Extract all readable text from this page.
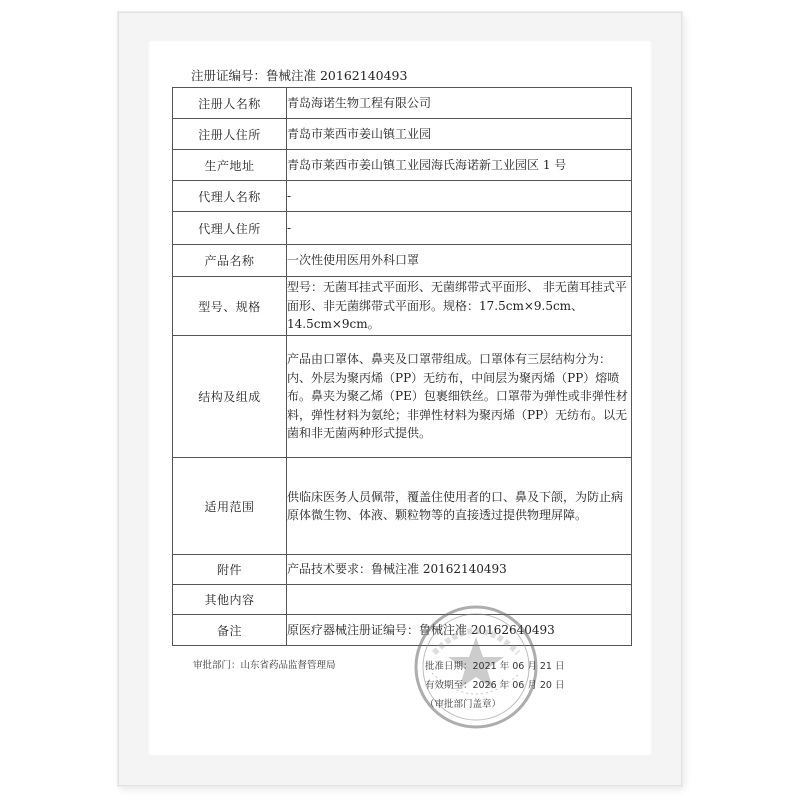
注册证编号：鲁械注准 20162140493
注册人名称	青岛海诺生物工程有限公司
注册人住所	青岛市莱西市姜山镇工业园
生产地址	青岛市莱西市姜山镇工业园海氏海诺新工业园区 1 号
代理人名称	-
代理人住所	-
产品名称	一次性使用医用外科口罩
型号、规格	型号：无菌耳挂式平面形、无菌绑带式平面形、 非无菌耳挂式平面形、非无菌绑带式平面形。规格：17.5cm×9.5cm、14.5cm×9cm。
结构及组成	产品由口罩体、鼻夹及口罩带组成。口罩体有三层结构分为：内、外层为聚丙烯（PP）无纺布，中间层为聚丙烯（PP）熔喷布。鼻夹为聚乙烯（PE）包裹细铁丝。口罩带为弹性或非弹性材料，弹性材料为氨纶；非弹性材料为聚丙烯（PP）无纺布。以无菌和非无菌两种形式提供。
适用范围	供临床医务人员佩带，覆盖住使用者的口、鼻及下颌，为防止病原体微生物、体液、颗粒物等的直接透过提供物理屏障。
附件	产品技术要求：鲁械注准 20162140493
其他内容	
备注	原医疗器械注册证编号：鲁械注准 20162640493
审批部门：山东省药品监督管理局	批准日期：2021 年 06 月 21 日
有效期至：2026 年 06 月 20 日
（审批部门盖章）
